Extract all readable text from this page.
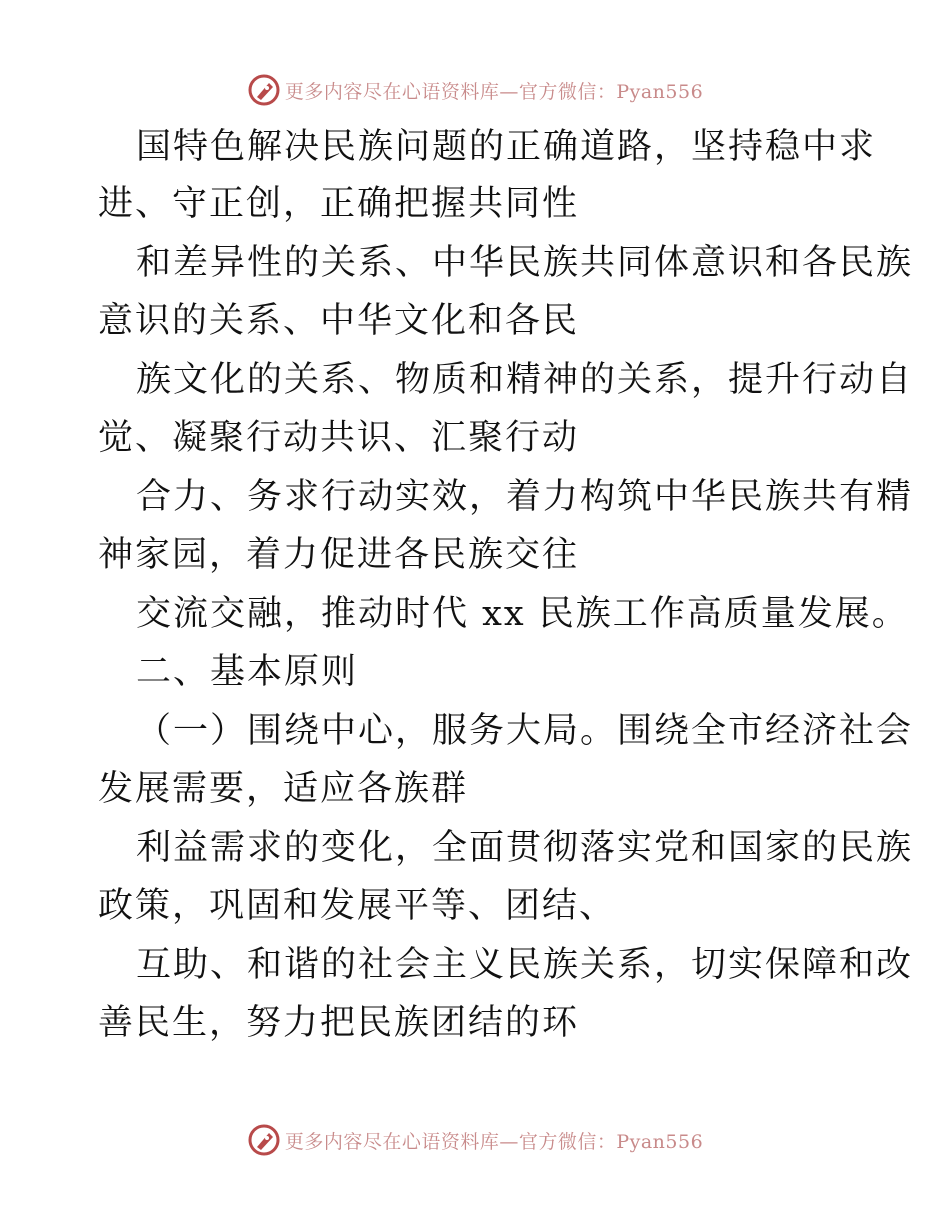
更多内容尽在心语资料库—官方微信：Pyan556
国特色解决民族问题的正确道路，坚持稳中求
进、守正创，正确把握共同性
和差异性的关系、中华民族共同体意识和各民族
意识的关系、中华文化和各民
族文化的关系、物质和精神的关系，提升行动自
觉、凝聚行动共识、汇聚行动
合力、务求行动实效，着力构筑中华民族共有精
神家园，着力促进各民族交往
交流交融，推动时代 xx 民族工作高质量发展。
二、基本原则
（一）围绕中心，服务大局。围绕全市经济社会
发展需要，适应各族群
利益需求的变化，全面贯彻落实党和国家的民族
政策，巩固和发展平等、团结、
互助、和谐的社会主义民族关系，切实保障和改
善民生，努力把民族团结的环
更多内容尽在心语资料库—官方微信：Pyan556
